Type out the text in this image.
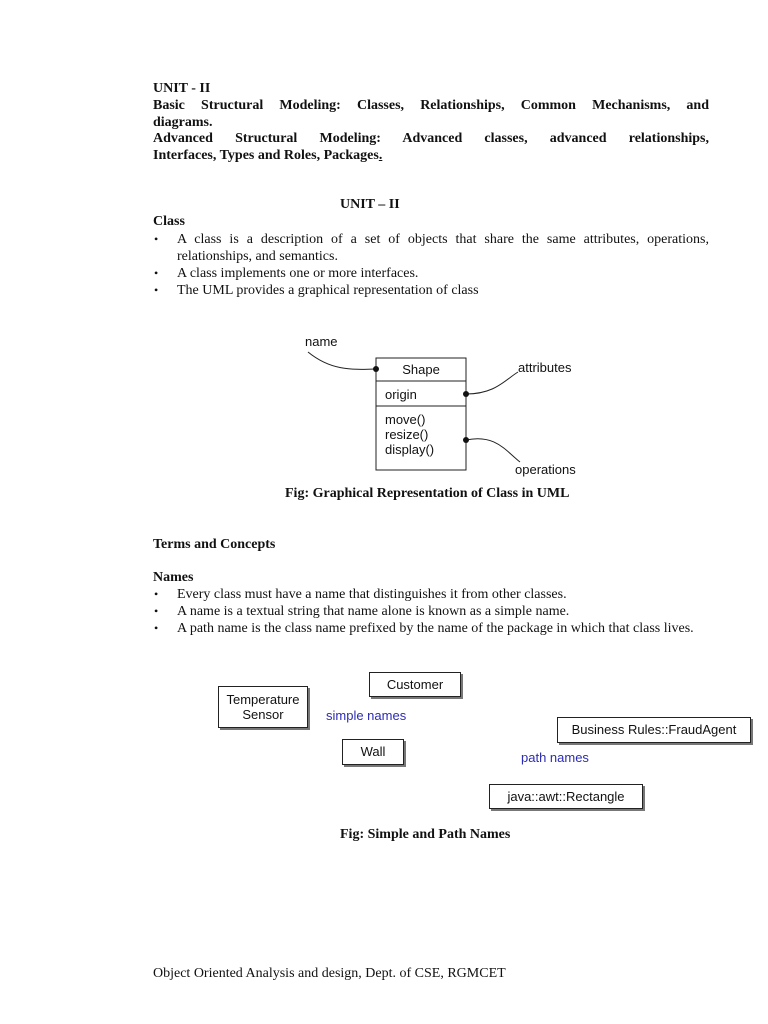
UNIT - II
Basic Structural Modeling: Classes, Relationships, Common Mechanisms, and
diagrams.
Advanced Structural Modeling: Advanced classes, advanced relationships,
Interfaces, Types and Roles, Packages.
UNIT – II
Class
• A class is a description of a set of objects that share the same attributes, operations, relationships, and semantics.
• A class implements one or more interfaces.
• The UML provides a graphical representation of class
name
attributes
operations
Shape
origin
move()
resize()
display()
Fig: Graphical Representation of Class in UML
Terms and Concepts
Names
• Every class must have a name that distinguishes it from other classes.
• A name is a textual string that name alone is known as a simple name.
• A path name is the class name prefixed by the name of the package in which that class lives.
Temperature
Sensor
Customer
Wall
Business Rules::FraudAgent
java::awt::Rectangle
simple names
path names
Fig: Simple and Path Names
Object Oriented Analysis and design, Dept. of CSE, RGMCET
